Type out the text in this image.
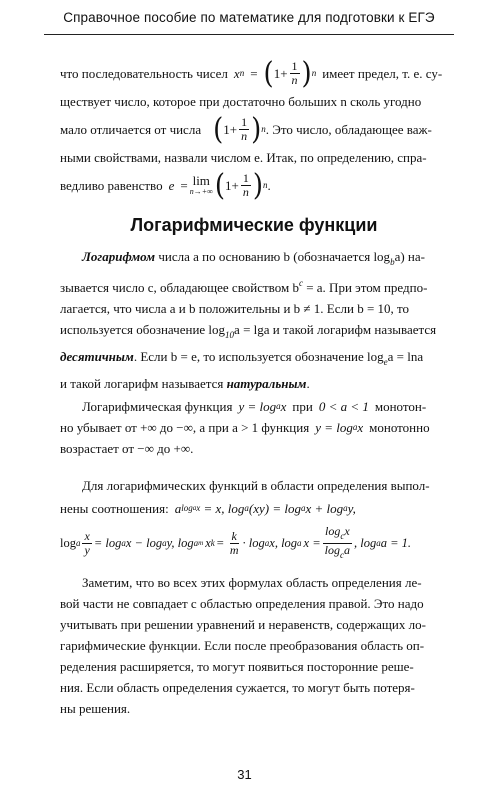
Справочное пособие по математике для подготовки к ЕГЭ
что последовательность чисел x n = ( $1 + \frac{1}{n}$ ) n имеет предел, т. е. су-

ществует число, которое при достаточно больших n сколь угодно

мало отличается от числа ( $1 + \frac{1}{n}$ ) n . Это число, обладающее важ-

ными свойствами, назвали числом e. Итак, по определению, спра-

ведливо равенство e = lim
n→+∞ ( $1 + \frac{1}{n}$ ) n .
Логарифмические функции

Логарифмом числа a по основанию b (обозначается $\log_ba$) на-
зывается число c, обладающее свойством $b^c = a$. При этом предпо-
лагается, что числа a и b положительны и b ≠ 1. Если b = 10, то
используется обозначение $\log_{10}a = \lg a$ и такой логарифм называется
десятичным. Если b = e, то используется обозначение $\log_ea = \ln a$
и такой логарифм называется натуральным.

Логарифмическая функция y = log a x при 0 < a < 1 монотон-
но убывает от +∞ до −∞, а при a > 1 функция y = log a x монотонно

возрастает от −∞ до +∞.

Для логарифмических функций в области определения выпол-

нены соотношения: a log a x = x, log a (xy) = log a x + log a y,
log a $\frac{x}{y} = \log a$ x − log a y, log a m x $k = \frac{k}{m} \cdot \log a$ x, log a $x = \frac{\log_cx}{\log_ca}$ , log a a = 1.

Заметим, что во всех этих формулах область определения ле-
вой части не совпадает с областью определения правой. Это надо
учитывать при решении уравнений и неравенств, содержащих ло-
гарифмические функции. Если после преобразования область оп-
ределения расширяется, то могут появиться посторонние реше-
ния. Если область определения сужается, то могут быть потеря-
ны решения.

31
